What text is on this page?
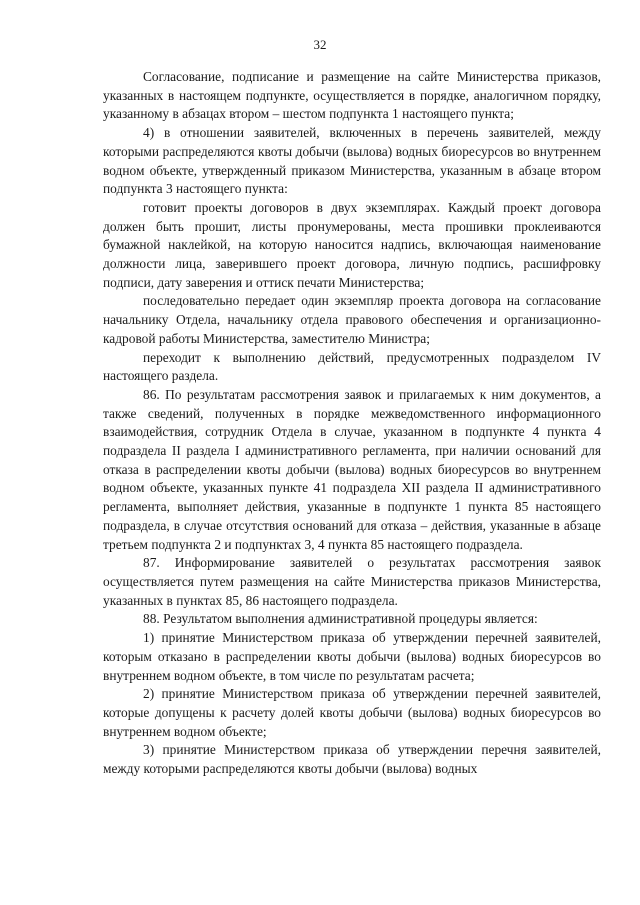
32

Согласование, подписание и размещение на сайте Министерства приказов, указанных в настоящем подпункте, осуществляется в порядке, аналогичном порядку, указанному в абзацах втором – шестом подпункта 1 настоящего пункта;

4) в отношении заявителей, включенных в перечень заявителей, между которыми распределяются квоты добычи (вылова) водных биоресурсов во внутреннем водном объекте, утвержденный приказом Министерства, указанным в абзаце втором подпункта 3 настоящего пункта:

готовит проекты договоров в двух экземплярах. Каждый проект договора должен быть прошит, листы пронумерованы, места прошивки проклеиваются бумажной наклейкой, на которую наносится надпись, включающая наименование должности лица, заверившего проект договора, личную подпись, расшифровку подписи, дату заверения и оттиск печати Министерства;

последовательно передает один экземпляр проекта договора на согласование начальнику Отдела, начальнику отдела правового обеспечения и организационно-кадровой работы Министерства, заместителю Министра;

переходит к выполнению действий, предусмотренных подразделом IV настоящего раздела.

86. По результатам рассмотрения заявок и прилагаемых к ним документов, а также сведений, полученных в порядке межведомственного информационного взаимодействия, сотрудник Отдела в случае, указанном в подпункте 4 пункта 4 подраздела II раздела I административного регламента, при наличии оснований для отказа в распределении квоты добычи (вылова) водных биоресурсов во внутреннем водном объекте, указанных пункте 41 подраздела XII раздела II административного регламента, выполняет действия, указанные в подпункте 1 пункта 85 настоящего подраздела, в случае отсутствия оснований для отказа – действия, указанные в абзаце третьем подпункта 2 и подпунктах 3, 4 пункта 85 настоящего подраздела.

87. Информирование заявителей о результатах рассмотрения заявок осуществляется путем размещения на сайте Министерства приказов Министерства, указанных в пунктах 85, 86 настоящего подраздела.

88. Результатом выполнения административной процедуры является:

1) принятие Министерством приказа об утверждении перечней заявителей, которым отказано в распределении квоты добычи (вылова) водных биоресурсов во внутреннем водном объекте, в том числе по результатам расчета;

2) принятие Министерством приказа об утверждении перечней заявителей, которые допущены к расчету долей квоты добычи (вылова) водных биоресурсов во внутреннем водном объекте;

3) принятие Министерством приказа об утверждении перечня заявителей, между которыми распределяются квоты добычи (вылова) водных
